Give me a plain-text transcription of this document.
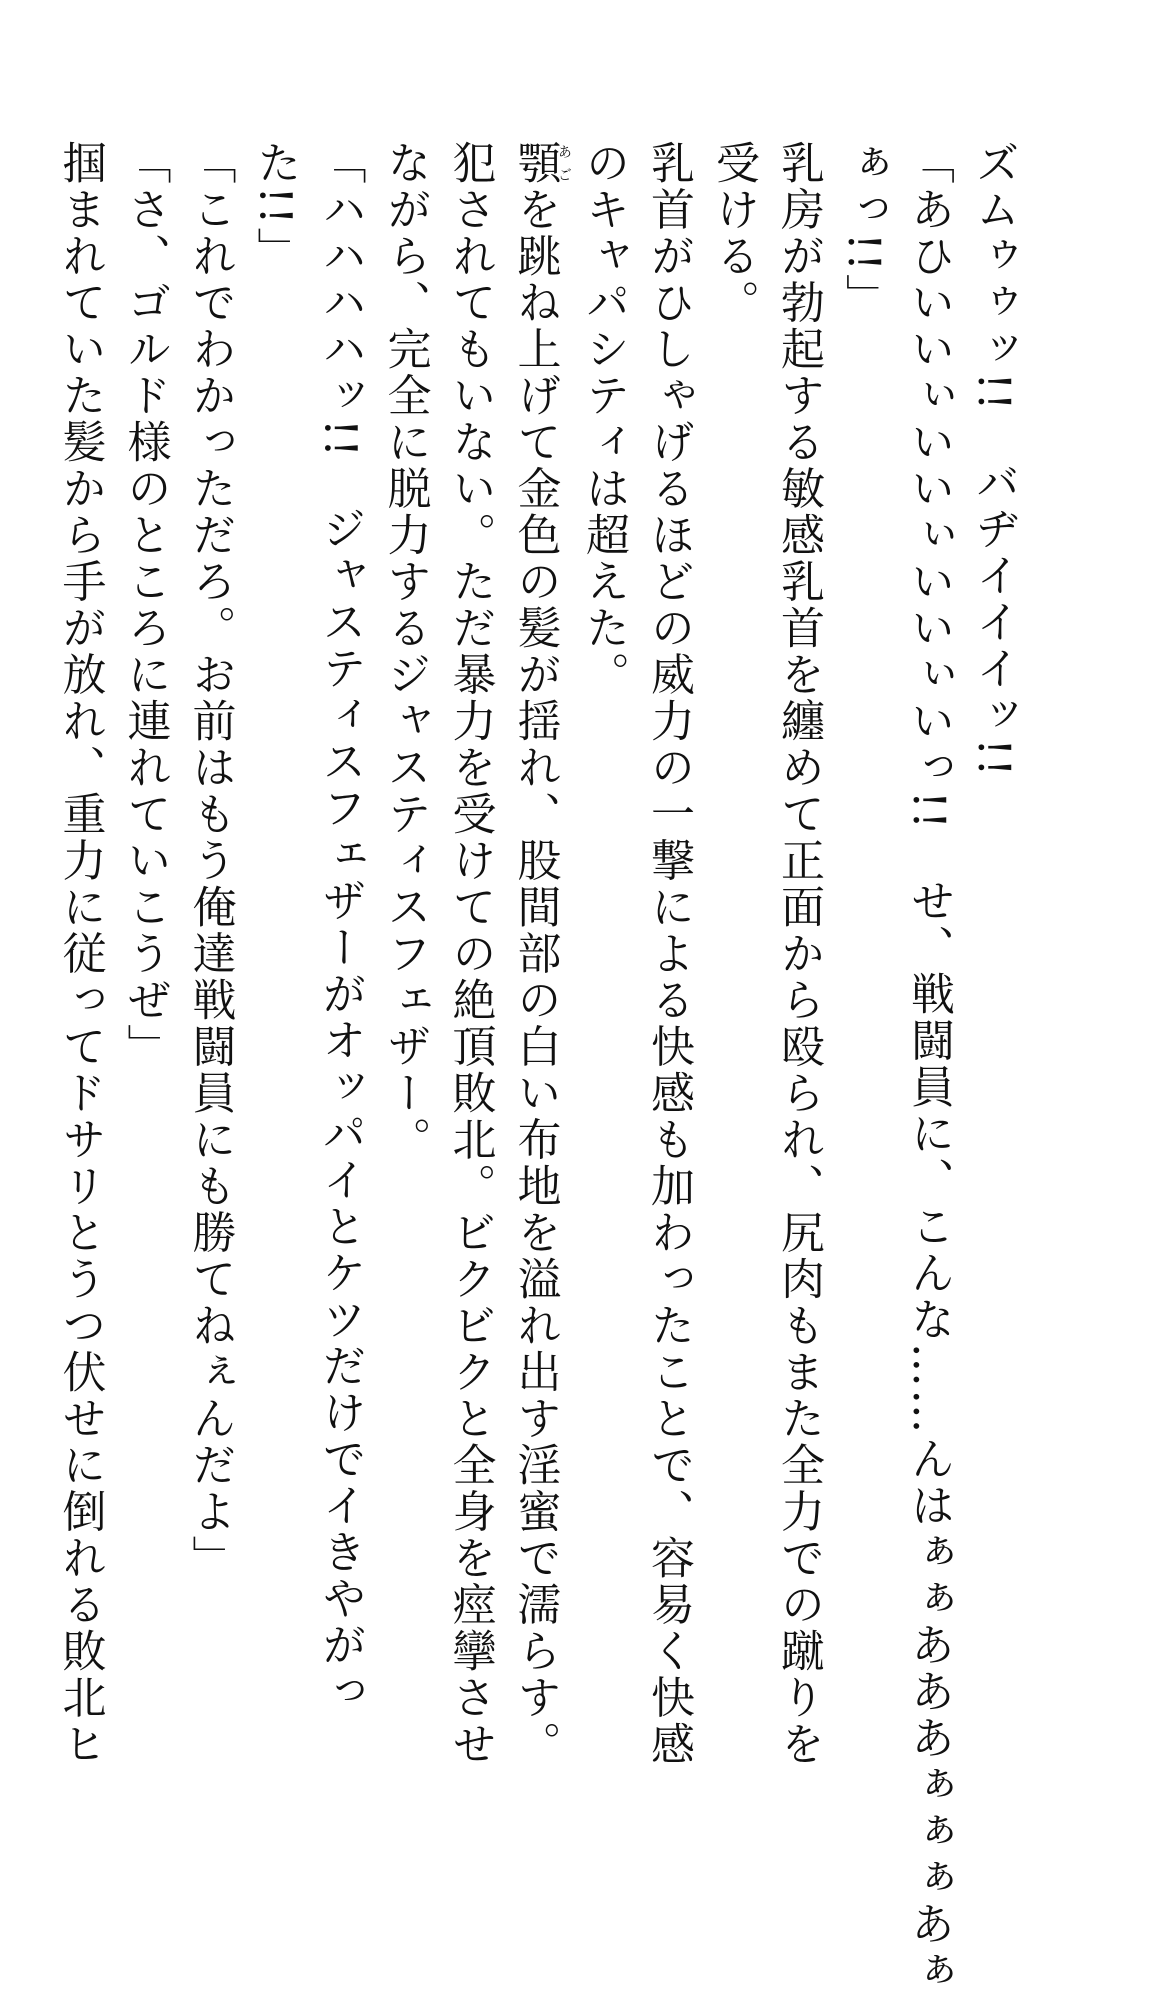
ズムゥゥッ!!　バヂイイイッ!!
「あひいいぃいいぃいいぃいっ!!　せ、戦闘員に、こんな……んはぁぁあああぁぁぁあぁ
ぁっ!!」
乳房が勃起する敏感乳首を纏めて正面から殴られ、尻肉もまた全力での蹴りを
受ける。
乳首がひしゃげるほどの威力の一撃による快感も加わったことで、容易く快感
のキャパシティは超えた。
顎あごを跳ね上げて金色の髪が揺れ、股間部の白い布地を溢れ出す淫蜜で濡らす。
犯されてもいない。ただ暴力を受けての絶頂敗北。ビクビクと全身を痙攣させ
ながら、完全に脱力するジャスティスフェザー。
「ハハハハッ!!　ジャスティスフェザーがオッパイとケツだけでイきやがっ
た!!」
「これでわかっただろ。お前はもう俺達戦闘員にも勝てねぇんだよ」
「さ、ゴルド様のところに連れていこうぜ」
掴まれていた髪から手が放れ、重力に従ってドサリとうつ伏せに倒れる敗北ヒ
